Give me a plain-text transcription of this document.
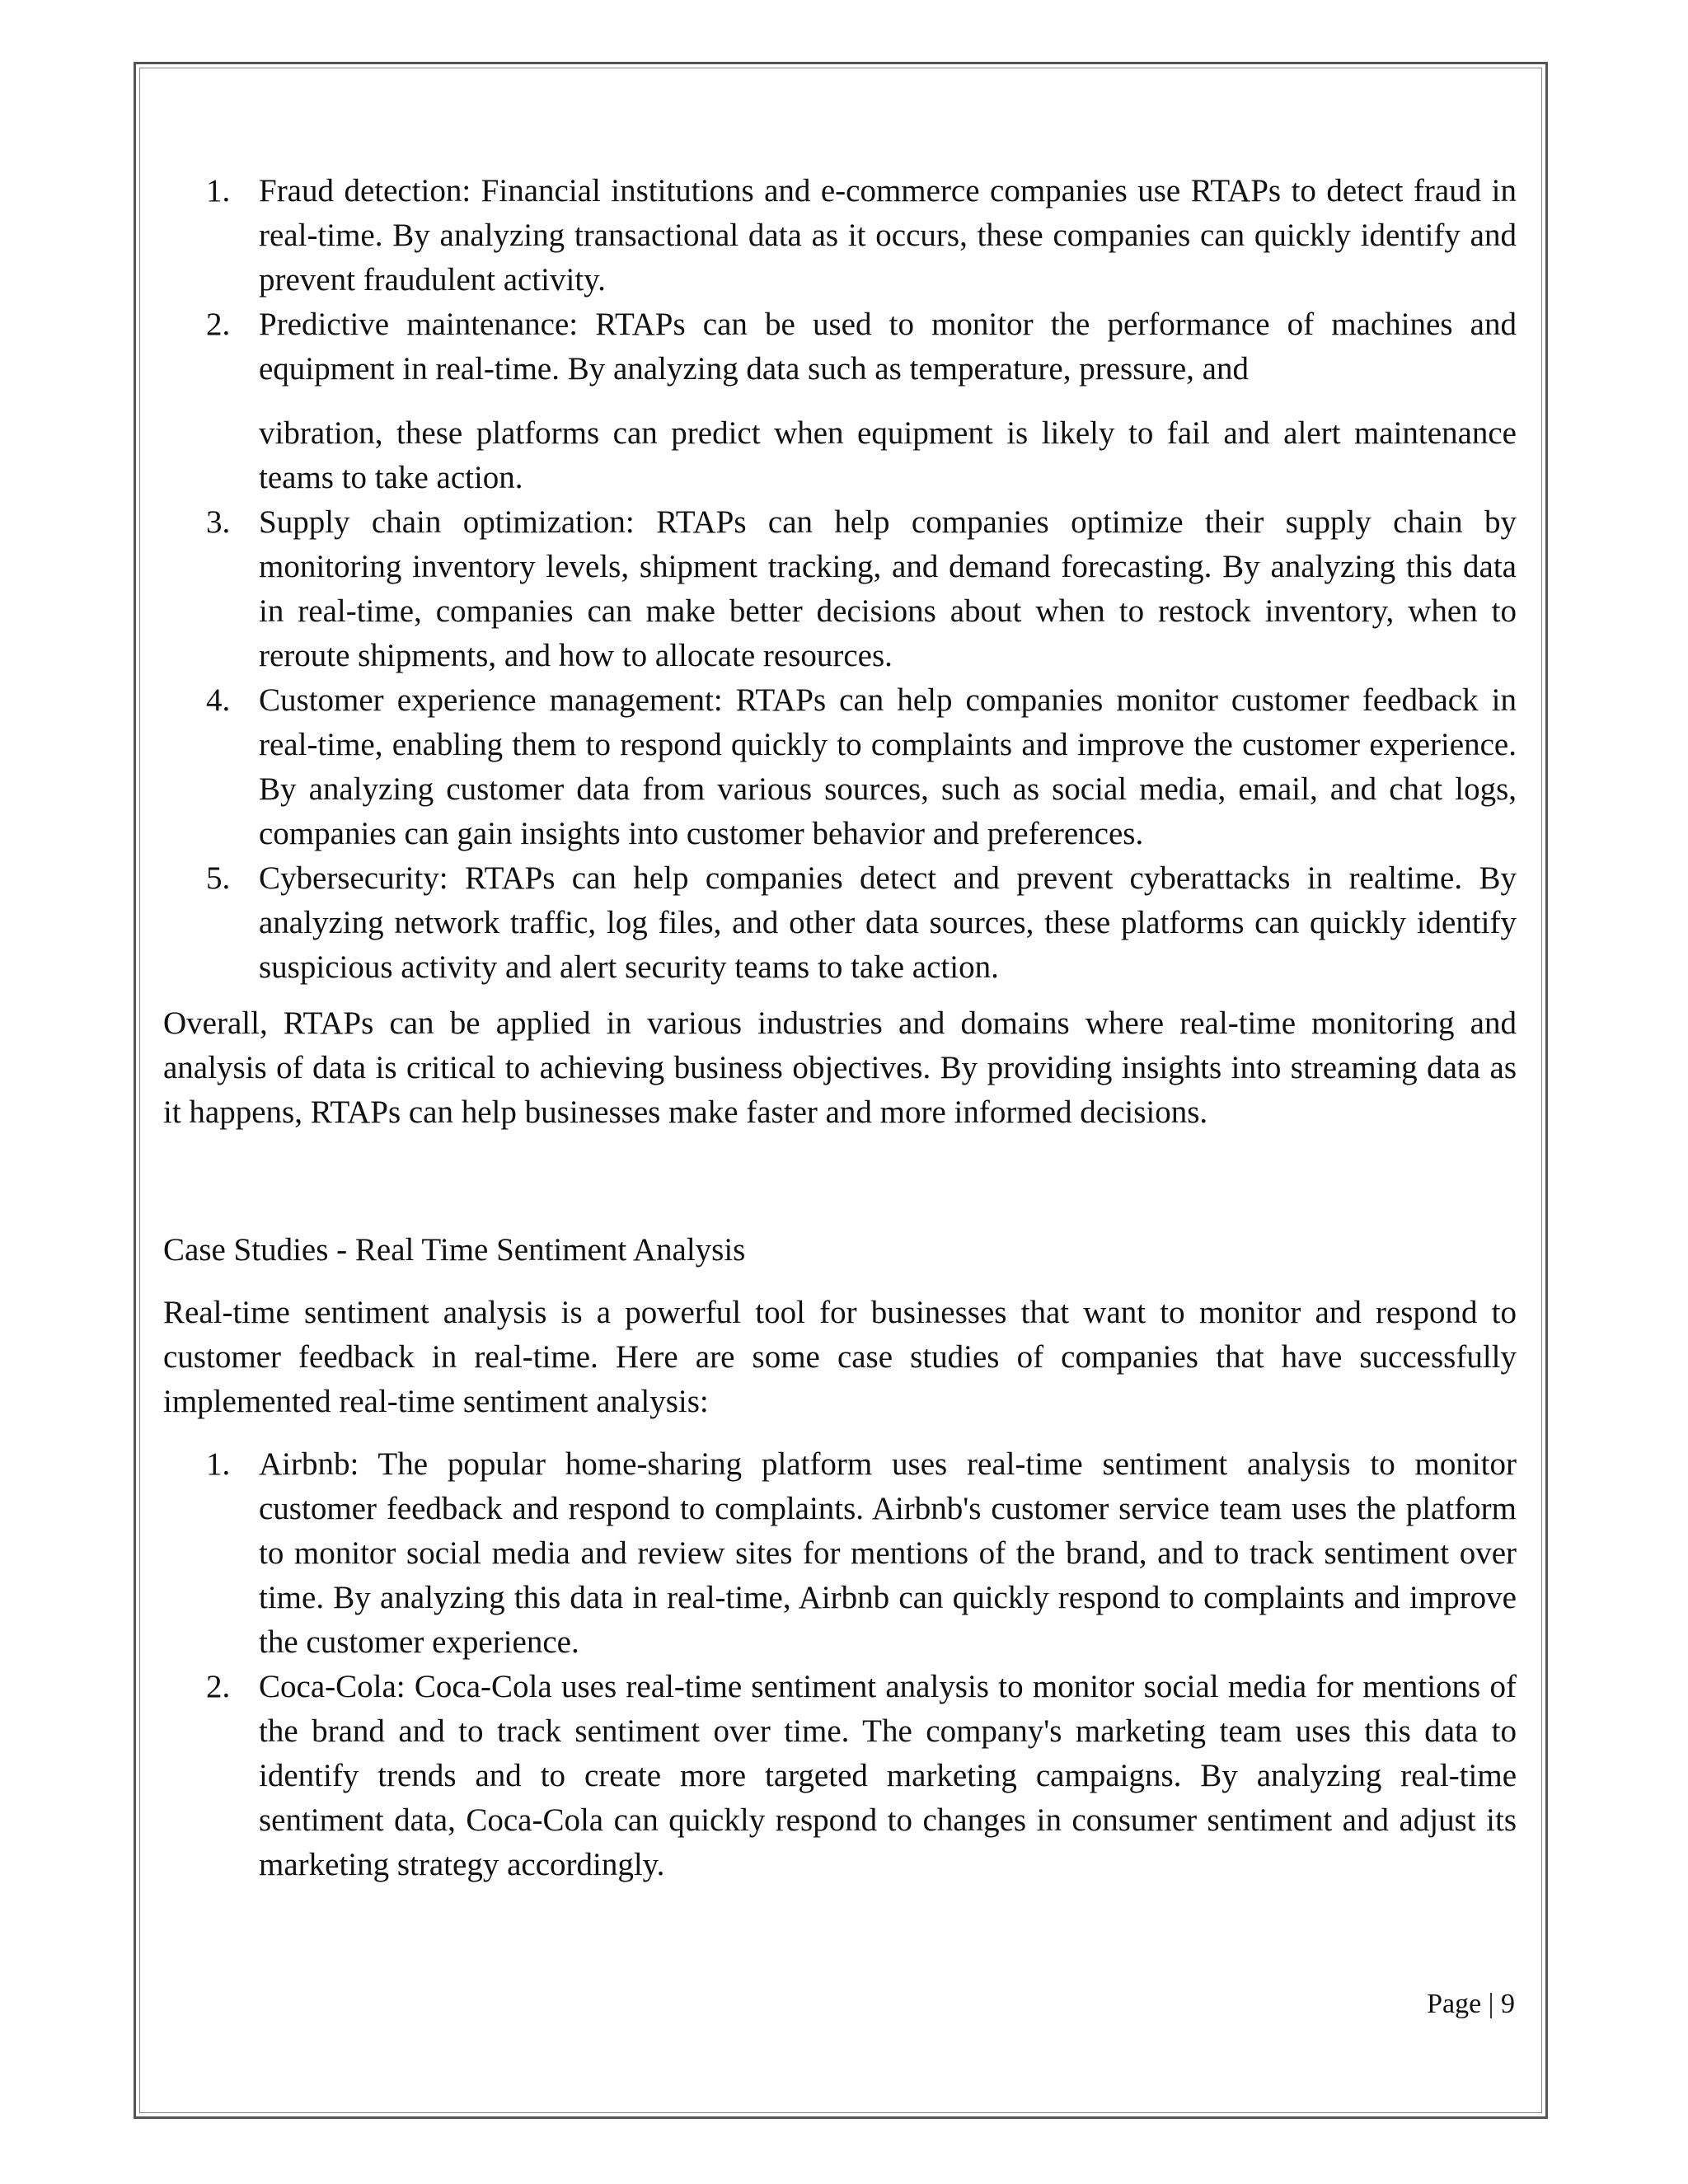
1. Fraud detection: Financial institutions and e-commerce companies use RTAPs to detect fraud in real-time. By analyzing transactional data as it occurs, these companies can quickly identify and prevent fraudulent activity.
2. Predictive maintenance: RTAPs can be used to monitor the performance of machines and equipment in real-time. By analyzing data such as temperature, pressure, and
vibration, these platforms can predict when equipment is likely to fail and alert maintenance teams to take action.
3. Supply chain optimization: RTAPs can help companies optimize their supply chain by monitoring inventory levels, shipment tracking, and demand forecasting. By analyzing this data in real-time, companies can make better decisions about when to restock inventory, when to reroute shipments, and how to allocate resources.
4. Customer experience management: RTAPs can help companies monitor customer feedback in real-time, enabling them to respond quickly to complaints and improve the customer experience. By analyzing customer data from various sources, such as social media, email, and chat logs, companies can gain insights into customer behavior and preferences.
5. Cybersecurity: RTAPs can help companies detect and prevent cyberattacks in realtime. By analyzing network traffic, log files, and other data sources, these platforms can quickly identify suspicious activity and alert security teams to take action.

Overall, RTAPs can be applied in various industries and domains where real-time monitoring and analysis of data is critical to achieving business objectives. By providing insights into streaming data as it happens, RTAPs can help businesses make faster and more informed decisions.

Case Studies - Real Time Sentiment Analysis

Real-time sentiment analysis is a powerful tool for businesses that want to monitor and respond to customer feedback in real-time. Here are some case studies of companies that have successfully implemented real-time sentiment analysis:

1. Airbnb: The popular home-sharing platform uses real-time sentiment analysis to monitor customer feedback and respond to complaints. Airbnb's customer service team uses the platform to monitor social media and review sites for mentions of the brand, and to track sentiment over time. By analyzing this data in real-time, Airbnb can quickly respond to complaints and improve the customer experience.
2. Coca-Cola: Coca-Cola uses real-time sentiment analysis to monitor social media for mentions of the brand and to track sentiment over time. The company's marketing team uses this data to identify trends and to create more targeted marketing campaigns. By analyzing real-time sentiment data, Coca-Cola can quickly respond to changes in consumer sentiment and adjust its marketing strategy accordingly.
Page | 9
